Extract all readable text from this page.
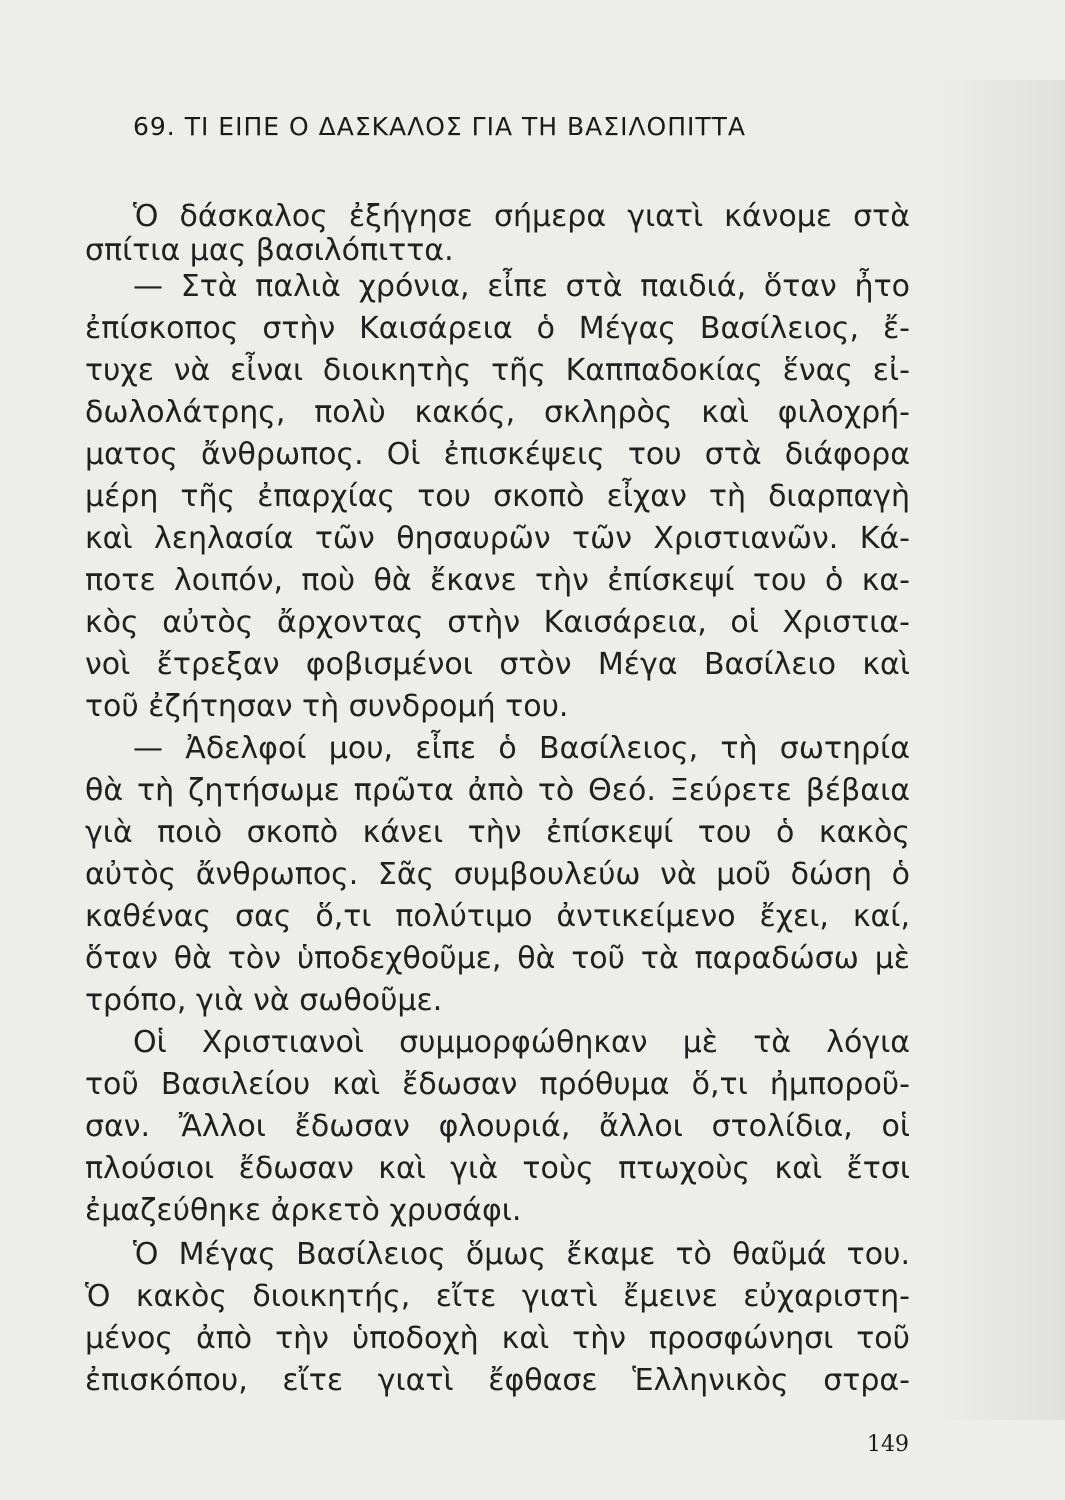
69. ΤΙ ΕΙΠΕ Ο ΔΑΣΚΑΛΟΣ ΓΙΑ ΤΗ ΒΑΣΙΛΟΠΙΤΤΑ
Ὁ δάσκαλος ἐξήγησε σήμερα γιατὶ κάνομε στὰ
σπίτια μας βασιλόπιττα.
— Στὰ παλιὰ χρόνια, εἶπε στὰ παιδιά, ὅταν ἦτο
ἐπίσκοπος στὴν Καισάρεια ὁ Μέγας Βασίλειος, ἔ-
τυχε νὰ εἶναι διοικητὴς τῆς Καππαδοκίας ἕνας εἰ-
δωλολάτρης, πολὺ κακός, σκληρὸς καὶ φιλοχρή-
ματος ἄνθρωπος. Οἱ ἐπισκέψεις του στὰ διάφορα
μέρη τῆς ἐπαρχίας του σκοπὸ εἶχαν τὴ διαρπαγὴ
καὶ λεηλασία τῶν θησαυρῶν τῶν Χριστιανῶν. Κά-
ποτε λοιπόν, ποὺ θὰ ἔκανε τὴν ἐπίσκεψί του ὁ κα-
κὸς αὐτὸς ἄρχοντας στὴν Καισάρεια, οἱ Χριστια-
νοὶ ἔτρεξαν φοβισμένοι στὸν Μέγα Βασίλειο καὶ
τοῦ ἐζήτησαν τὴ συνδρομή του.
— Ἀδελφοί μου, εἶπε ὁ Βασίλειος, τὴ σωτηρία
θὰ τὴ ζητήσωμε πρῶτα ἀπὸ τὸ Θεό. Ξεύρετε βέβαια
γιὰ ποιὸ σκοπὸ κάνει τὴν ἐπίσκεψί του ὁ κακὸς
αὐτὸς ἄνθρωπος. Σᾶς συμβουλεύω νὰ μοῦ δώση ὁ
καθένας σας ὅ,τι πολύτιμο ἀντικείμενο ἔχει, καί,
ὅταν θὰ τὸν ὑποδεχθοῦμε, θὰ τοῦ τὰ παραδώσω μὲ
τρόπο, γιὰ νὰ σωθοῦμε.
Οἱ Χριστιανοὶ συμμορφώθηκαν μὲ τὰ λόγια
τοῦ Βασιλείου καὶ ἔδωσαν πρόθυμα ὅ,τι ἠμποροῦ-
σαν. Ἄλλοι ἔδωσαν φλουριά, ἄλλοι στολίδια, οἱ
πλούσιοι ἔδωσαν καὶ γιὰ τοὺς πτωχοὺς καὶ ἔτσι
ἐμαζεύθηκε ἀρκετὸ χρυσάφι.
Ὁ Μέγας Βασίλειος ὅμως ἔκαμε τὸ θαῦμά του.
Ὁ κακὸς διοικητής, εἴτε γιατὶ ἔμεινε εὐχαριστη-
μένος ἀπὸ τὴν ὑποδοχὴ καὶ τὴν προσφώνησι τοῦ
ἐπισκόπου, εἴτε γιατὶ ἔφθασε Ἑλληνικὸς στρα-
149
